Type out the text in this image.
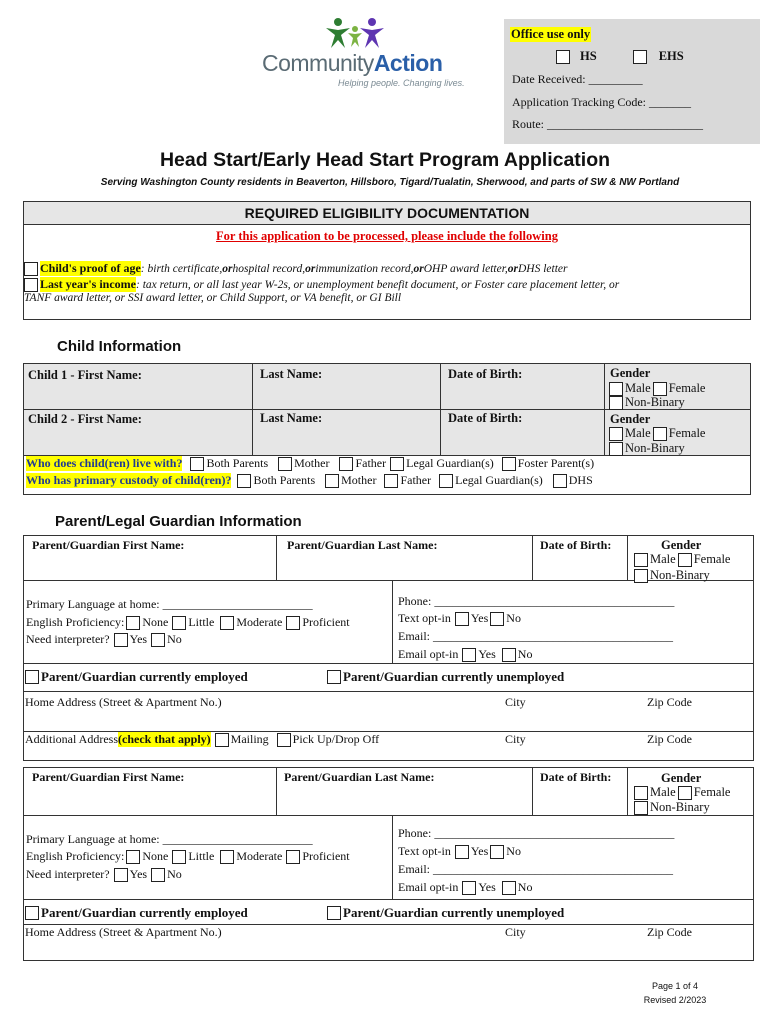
CommunityAction
Helping people. Changing lives.
Office use only
HS	EHS
Date Received: _________
Application Tracking Code: _______
Route: __________________________
Head Start/Early Head Start Program Application
Serving Washington County residents in Beaverton, Hillsboro, Tigard/Tualatin, Sherwood, and parts of SW & NW Portland
REQUIRED ELIGIBILITY DOCUMENTATION
For this application to be processed, please include the following
Child's proof of age : birth certificate, or hospital record, or immunization record, or OHP award letter, or DHS letter
Last year's income : tax return, or all last year W-2s, or unemployment benefit document, or Foster care placement letter, or
TANF award letter, or SSI award letter, or Child Support, or VA benefit, or GI Bill
Child Information
Child 1 - First Name:	Last Name:	Date of Birth:	Gender
Male Female
Non-Binary
Child 2 - First Name:	Last Name:	Date of Birth:	Gender
Male Female
Non-Binary
Who does child(ren) live with? Both Parents Mother Father Legal Guardian(s) Foster Parent(s)
Who has primary custody of child(ren)? Both Parents Mother Father Legal Guardian(s) DHS
Parent/Legal Guardian Information
Parent/Guardian First Name:	Parent/Guardian Last Name:	Date of Birth:	Gender
Male Female
Non-Binary
Primary Language at home: _________________________
English Proficiency: None Little Moderate Proficient
Need interpreter? Yes No
Phone: ________________________________________
Text opt-in Yes No
Email: ________________________________________
Email opt-in Yes No
Parent/Guardian currently employed	Parent/Guardian currently unemployed
Home Address (Street & Apartment No.)	City	Zip Code
Additional Address (check that apply) Mailing Pick Up/Drop Off	City	Zip Code
Parent/Guardian First Name:	Parent/Guardian Last Name:	Date of Birth:	Gender
Male Female
Non-Binary
Primary Language at home: _________________________
English Proficiency: None Little Moderate Proficient
Need interpreter? Yes No
Phone: ________________________________________
Text opt-in Yes No
Email: ________________________________________
Email opt-in Yes No
Parent/Guardian currently employed	Parent/Guardian currently unemployed
Home Address (Street & Apartment No.)	City	Zip Code
Page 1 of 4
Revised 2/2023
